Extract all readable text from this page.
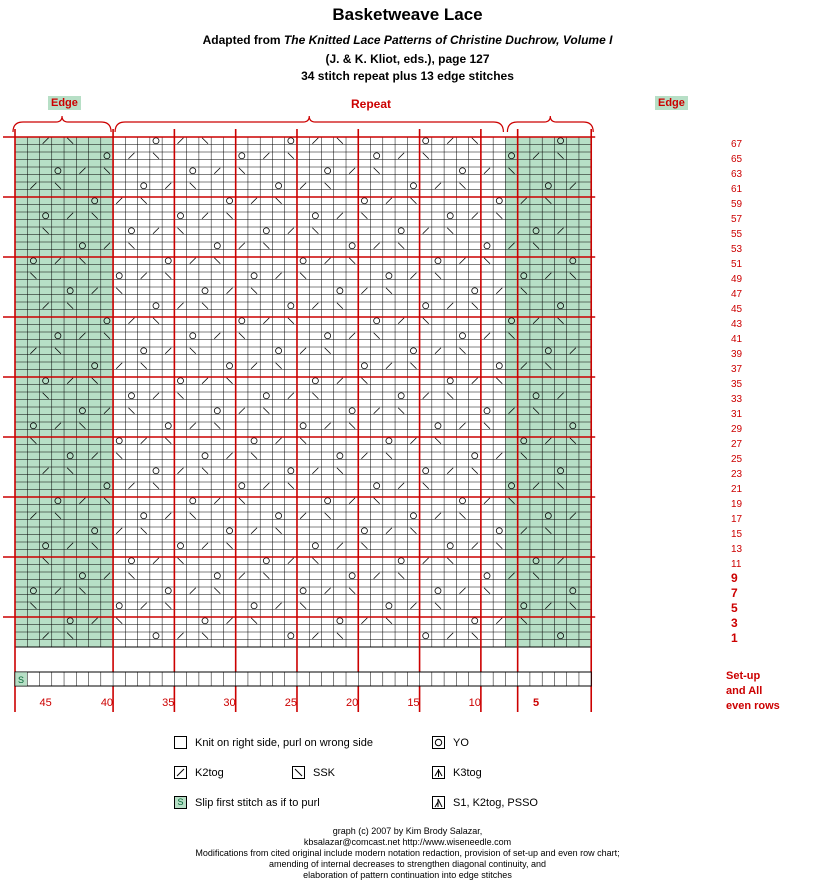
Basketweave Lace
Adapted from The Knitted Lace Patterns of Christine Duchrow, Volume I
(J. & K. Kliot, eds.), page 127
34 stitch repeat plus 13 edge stitches
Edge	Repeat	Edge
67
65
63
61
59
57
55
53
51
49
47
45
43
41
39
37
35
33
31
29
27
25
23
21
19
17
15
13
11
9
7
5
3
1
S
45	40	35	30	25	20	15	10	5
Set-up
and All
even rows
Knit on right side, purl on wrong side	YO
K2tog	SSK	K3tog
S	Slip first stitch as if to purl	S1, K2tog, PSSO
graph (c) 2007 by Kim Brody Salazar,
kbsalazar@comcast.net http://www.wiseneedle.com
Modifications from cited original include modern notation redaction, provision of set-up and even row chart;
amending of internal decreases to strengthen diagonal continuity, and
elaboration of pattern continuation into edge stitches
